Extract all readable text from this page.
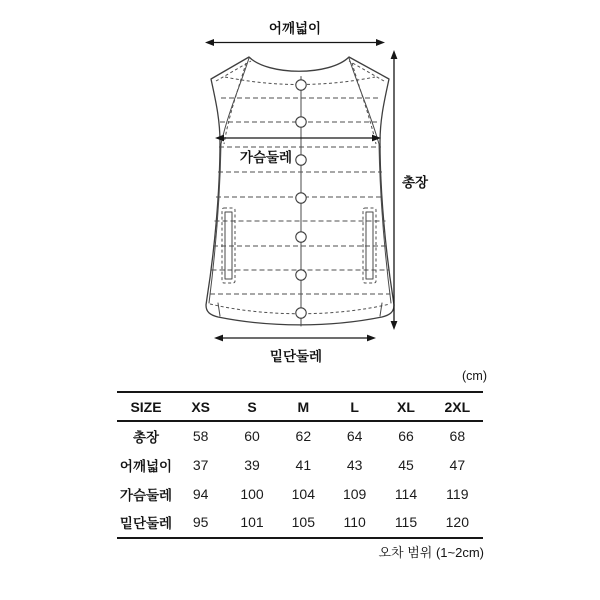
어깨넓이
가슴둘레
총장
밑단둘레
(cm)
SIZE	XS	S	M	L	XL	2XL
총장	58	60	62	64	66	68
어깨넓이	37	39	41	43	45	47
가슴둘레	94	100	104	109	114	119
밑단둘레	95	101	105	110	115	120
오차 범위 (1~2cm)
